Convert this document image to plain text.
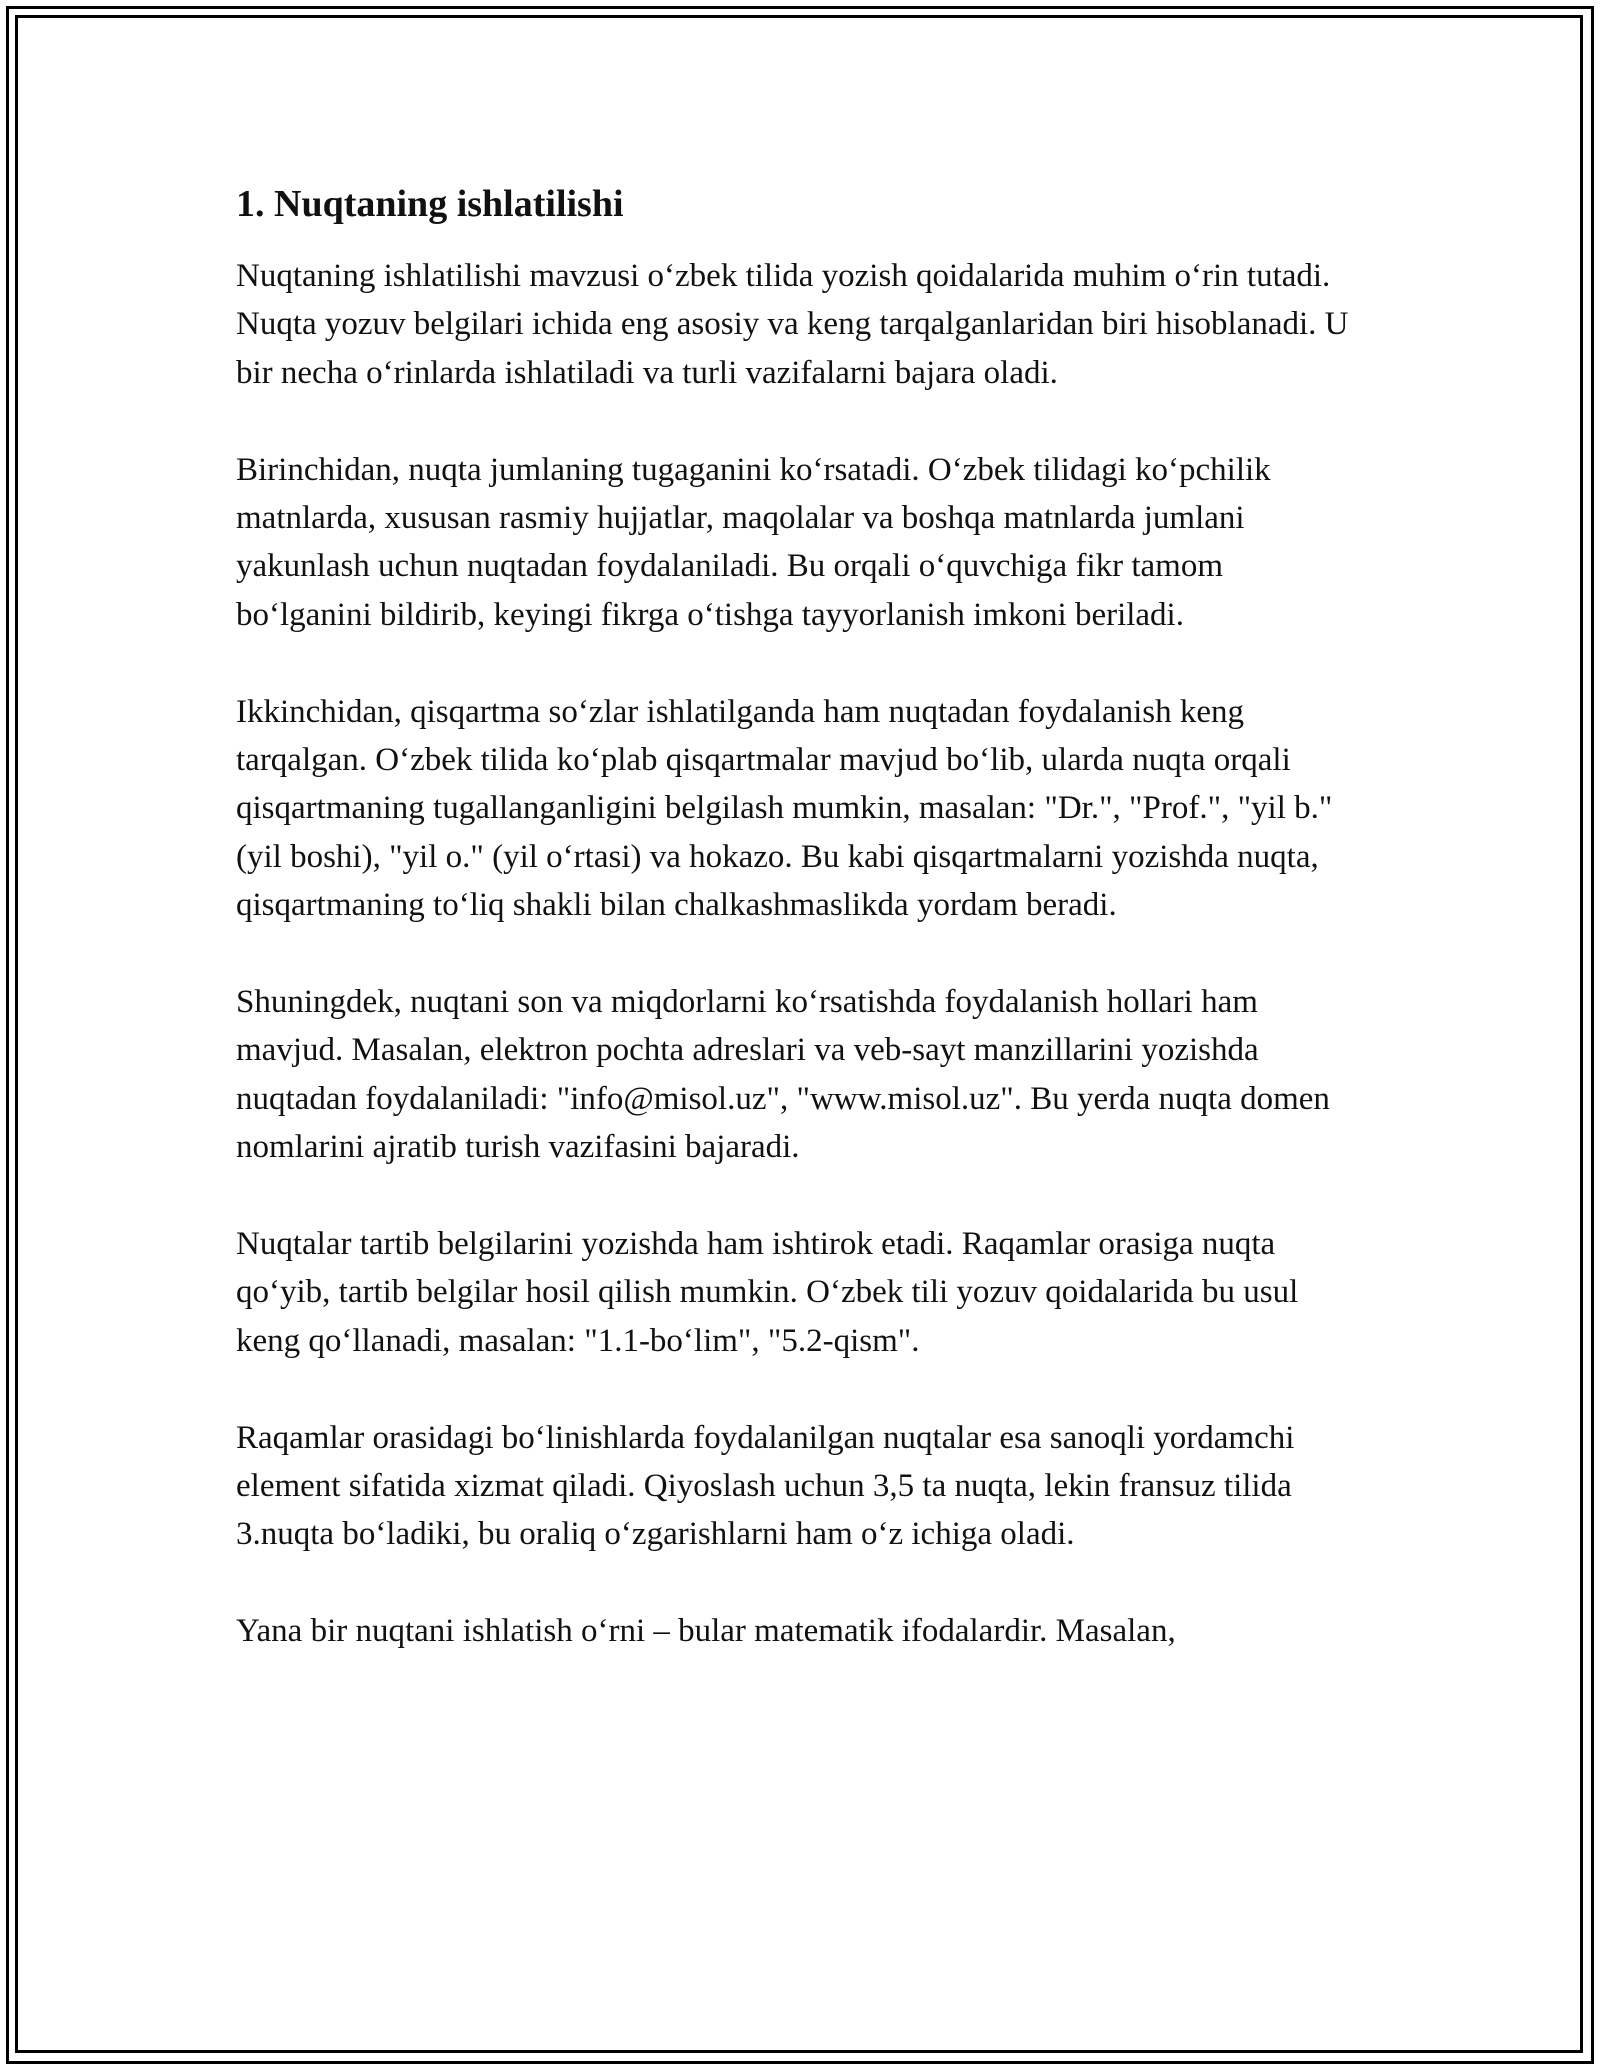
1. Nuqtaning ishlatilishi

Nuqtaning ishlatilishi mavzusi oʻzbek tilida yozish qoidalarida muhim oʻrin tutadi. Nuqta yozuv belgilari ichida eng asosiy va keng tarqalganlaridan biri hisoblanadi. U bir necha oʻrinlarda ishlatiladi va turli vazifalarni bajara oladi.

Birinchidan, nuqta jumlaning tugaganini koʻrsatadi. Oʻzbek tilidagi koʻpchilik matnlarda, xususan rasmiy hujjatlar, maqolalar va boshqa matnlarda jumlani yakunlash uchun nuqtadan foydalaniladi. Bu orqali oʻquvchiga fikr tamom boʻlganini bildirib, keyingi fikrga oʻtishga tayyorlanish imkoni beriladi.

Ikkinchidan, qisqartma soʻzlar ishlatilganda ham nuqtadan foydalanish keng tarqalgan. Oʻzbek tilida koʻplab qisqartmalar mavjud boʻlib, ularda nuqta orqali qisqartmaning tugallanganligini belgilash mumkin, masalan: "Dr.", "Prof.", "yil b." (yil boshi), "yil o." (yil oʻrtasi) va hokazo. Bu kabi qisqartmalarni yozishda nuqta, qisqartmaning toʻliq shakli bilan chalkashmaslikda yordam beradi.

Shuningdek, nuqtani son va miqdorlarni koʻrsatishda foydalanish hollari ham mavjud. Masalan, elektron pochta adreslari va veb-sayt manzillarini yozishda nuqtadan foydalaniladi: "info@misol.uz", "www.misol.uz". Bu yerda nuqta domen nomlarini ajratib turish vazifasini bajaradi.

Nuqtalar tartib belgilarini yozishda ham ishtirok etadi. Raqamlar orasiga nuqta qoʻyib, tartib belgilar hosil qilish mumkin. Oʻzbek tili yozuv qoidalarida bu usul keng qoʻllanadi, masalan: "1.1-boʻlim", "5.2-qism".

Raqamlar orasidagi boʻlinishlarda foydalanilgan nuqtalar esa sanoqli yordamchi element sifatida xizmat qiladi. Qiyoslash uchun 3,5 ta nuqta, lekin fransuz tilida 3.nuqta boʻladiki, bu oraliq oʻzgarishlarni ham oʻz ichiga oladi.

Yana bir nuqtani ishlatish oʻrni – bular matematik ifodalardir. Masalan,
